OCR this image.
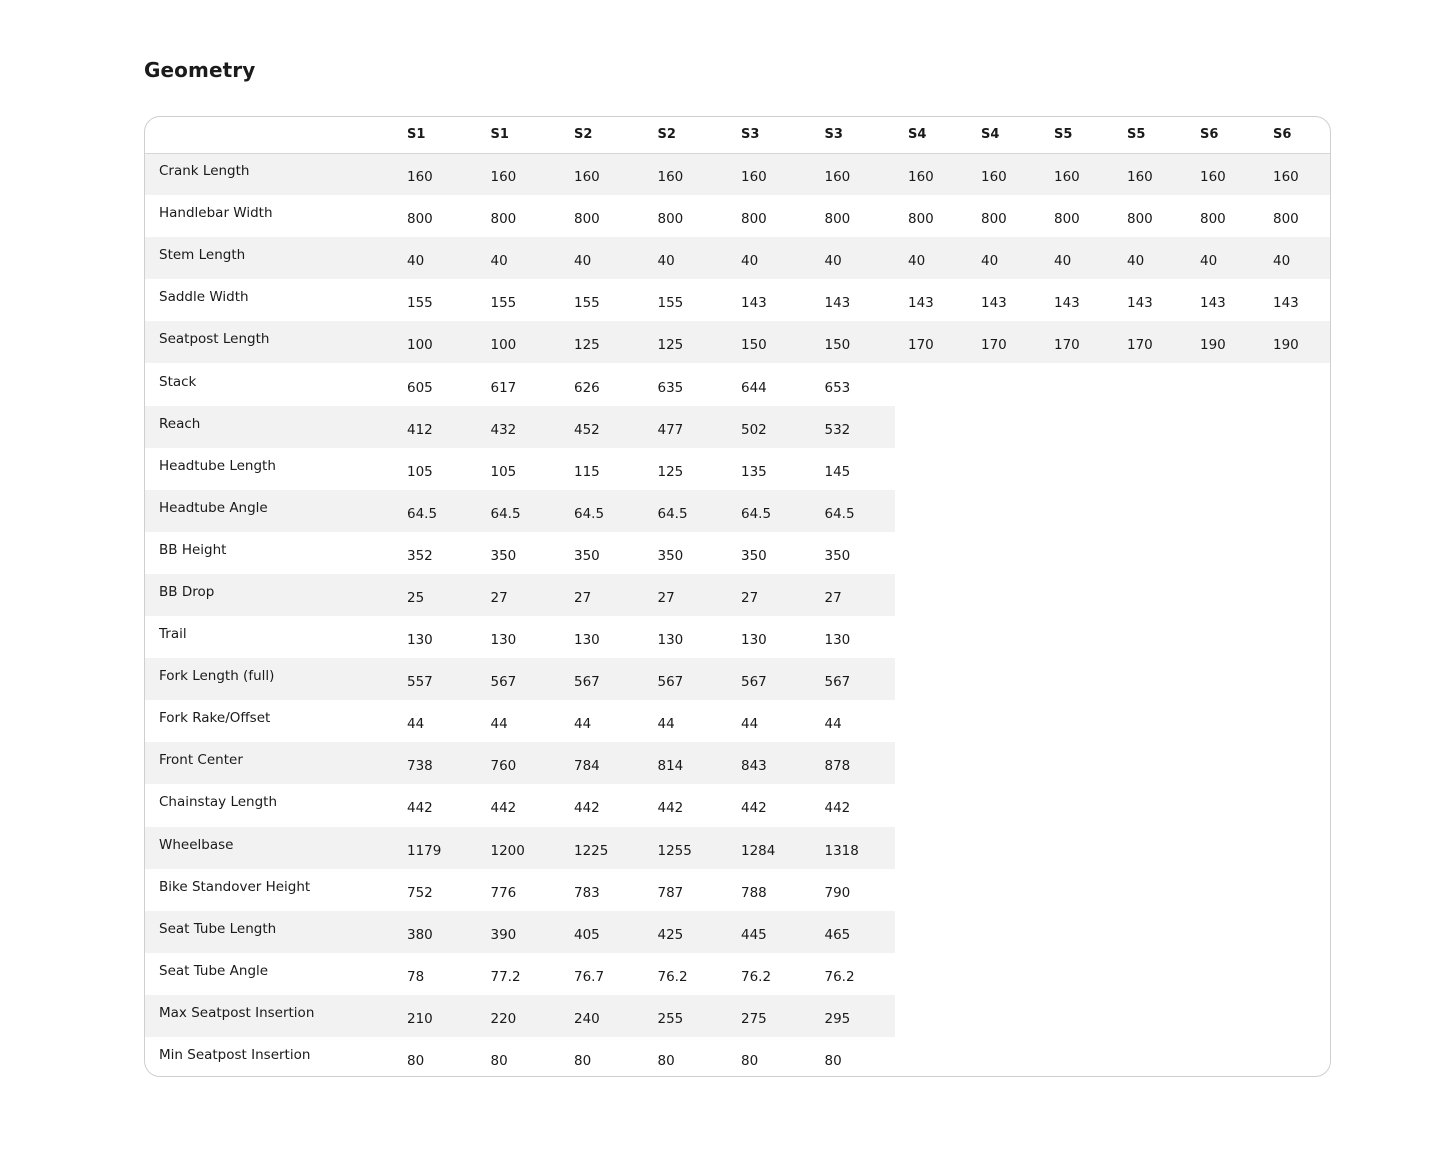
Geometry
	S1	S1	S2	S2	S3	S3	S4	S4	S5	S5	S6	S6
Crank Length	160	160	160	160	160	160	160	160	160	160	160	160
Handlebar Width	800	800	800	800	800	800	800	800	800	800	800	800
Stem Length	40	40	40	40	40	40	40	40	40	40	40	40
Saddle Width	155	155	155	155	143	143	143	143	143	143	143	143
Seatpost Length	100	100	125	125	150	150	170	170	170	170	190	190
Stack	605	617	626	635	644	653						
Reach	412	432	452	477	502	532						
Headtube Length	105	105	115	125	135	145						
Headtube Angle	64.5	64.5	64.5	64.5	64.5	64.5						
BB Height	352	350	350	350	350	350						
BB Drop	25	27	27	27	27	27						
Trail	130	130	130	130	130	130						
Fork Length (full)	557	567	567	567	567	567						
Fork Rake/Offset	44	44	44	44	44	44						
Front Center	738	760	784	814	843	878						
Chainstay Length	442	442	442	442	442	442						
Wheelbase	1179	1200	1225	1255	1284	1318						
Bike Standover Height	752	776	783	787	788	790						
Seat Tube Length	380	390	405	425	445	465						
Seat Tube Angle	78	77.2	76.7	76.2	76.2	76.2						
Max Seatpost Insertion	210	220	240	255	275	295						
Min Seatpost Insertion	80	80	80	80	80	80						
